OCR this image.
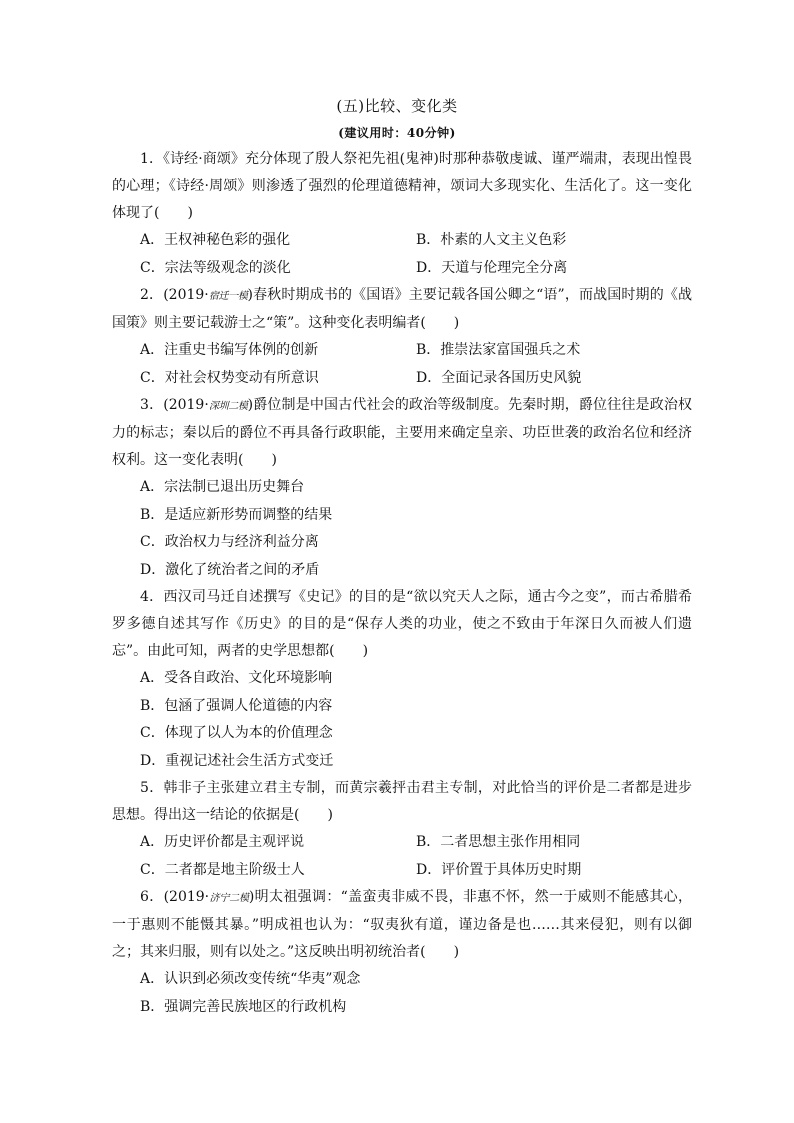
(五)比较、变化类
(建议用时：40分钟)

1．《诗经·商颂》充分体现了殷人祭祀先祖(鬼神)时那种恭敬虔诚、谨严端肃，表现出惶畏的心理；《诗经·周颂》则渗透了强烈的伦理道德精神，颂词大多现实化、生活化了。这一变化体现了(　　)

A．王权神秘色彩的强化	B．朴素的人文主义色彩
C．宗法等级观念的淡化	D．天道与伦理完全分离

2．(2019·宿迁一模)春秋时期成书的《国语》主要记载各国公卿之“语”，而战国时期的《战国策》则主要记载游士之“策”。这种变化表明编者(　　)

A．注重史书编写体例的创新	B．推崇法家富国强兵之术
C．对社会权势变动有所意识	D．全面记录各国历史风貌

3．(2019·深圳二模)爵位制是中国古代社会的政治等级制度。先秦时期，爵位往往是政治权力的标志；秦以后的爵位不再具备行政职能，主要用来确定皇亲、功臣世袭的政治名位和经济权利。这一变化表明(　　)

A．宗法制已退出历史舞台
B．是适应新形势而调整的结果
C．政治权力与经济利益分离
D．激化了统治者之间的矛盾

4．西汉司马迁自述撰写《史记》的目的是“欲以究天人之际，通古今之变”，而古希腊希罗多德自述其写作《历史》的目的是“保存人类的功业，使之不致由于年深日久而被人们遗忘”。由此可知，两者的史学思想都(　　)

A．受各自政治、文化环境影响
B．包涵了强调人伦道德的内容
C．体现了以人为本的价值理念
D．重视记述社会生活方式变迁

5．韩非子主张建立君主专制，而黄宗羲抨击君主专制，对此恰当的评价是二者都是进步思想。得出这一结论的依据是(　　)

A．历史评价都是主观评说	B．二者思想主张作用相同
C．二者都是地主阶级士人	D．评价置于具体历史时期

6．(2019·济宁二模)明太祖强调：“盖蛮夷非威不畏，非惠不怀，然一于威则不能感其心，一于惠则不能慑其暴。”明成祖也认为：“驭夷狄有道，谨边备是也……其来侵犯，则有以御之；其来归服，则有以处之。”这反映出明初统治者(　　)

A．认识到必须改变传统“华夷”观念
B．强调完善民族地区的行政机构
